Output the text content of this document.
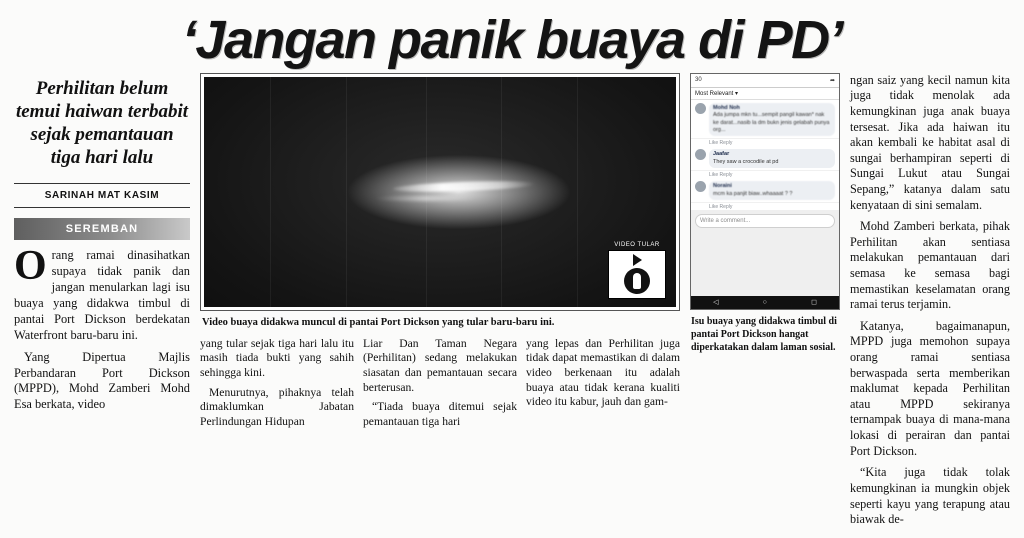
‘Jangan panik buaya di PD’
Perhilitan belum temui haiwan terbabit sejak pemantauan tiga hari lalu
SARINAH MAT KASIM
SEREMBAN

Orang ramai dinasihatkan supaya tidak panik dan jangan menularkan lagi isu buaya yang didakwa timbul di pantai Port Dickson berdekatan Waterfront baru-baru ini.

Yang Dipertua Majlis Perbandaran Port Dickson (MPPD), Mohd Zamberi Mohd Esa berkata, video

VIDEO TULAR
Video buaya didakwa muncul di pantai Port Dickson yang tular baru-baru ini.

yang tular sejak tiga hari lalu itu masih tiada bukti yang sahih sehingga kini.

Menurutnya, pihaknya telah dimaklumkan Jabatan Perlindungan Hidupan

Liar Dan Taman Negara (Perhilitan) sedang melakukan siasatan dan pemantauan secara berterusan.

“Tiada buaya ditemui sejak pemantauan tiga hari

yang lepas dan Perhilitan juga tidak dapat memastikan di dalam video berkenaan itu adalah buaya atau tidak kerana kualiti video itu kabur, jauh dan gam-

30	➦
Most Relevant ▾
Mohd Noh
Ada jumpa mkn tu...sempit pangil kawan* nak ke darat...nasib la dm bukn jenis gelabah punya org...
Like Reply
Jaafar
They saw a crocodile at pd
Like Reply
Noraini
mcm ka panjit biaw..whaaaat ? ?
Like Reply
Write a comment...
◁	○	◻
Isu buaya yang didakwa timbul di pantai Port Dickson hangat diperkatakan dalam laman sosial.

ngan saiz yang kecil namun kita juga tidak menolak ada kemungkinan juga anak buaya tersesat. Jika ada haiwan itu akan kembali ke habitat asal di sungai berhampiran seperti di Sungai Lukut atau Sungai Sepang,” katanya dalam satu kenyataan di sini semalam.

Mohd Zamberi berkata, pihak Perhilitan akan sentiasa melakukan pemantauan dari semasa ke semasa bagi memastikan keselamatan orang ramai terus terjamin.

Katanya, bagaimanapun, MPPD juga memohon supaya orang ramai sentiasa berwaspada serta memberikan maklumat kepada Perhilitan atau MPPD sekiranya ternampak buaya di mana-mana lokasi di perairan dan pantai Port Dickson.

“Kita juga tidak tolak kemungkinan ia mungkin objek seperti kayu yang terapung atau biawak de-
